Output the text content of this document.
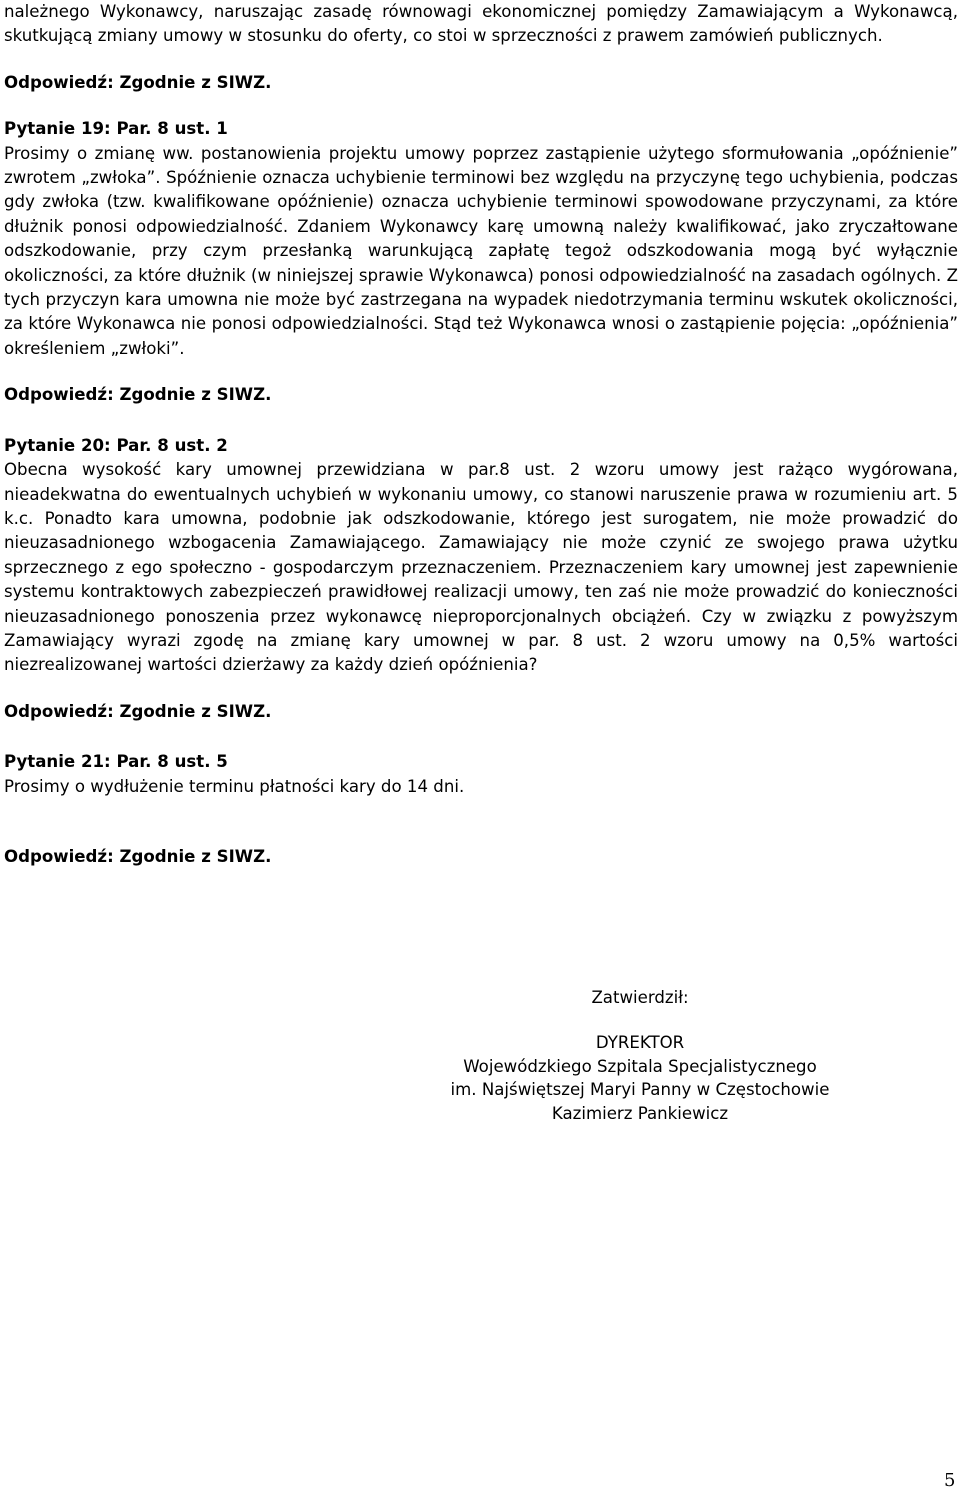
należnego Wykonawcy, naruszając zasadę równowagi ekonomicznej pomiędzy Zamawiającym a Wykonawcą, skutkującą zmiany umowy w stosunku do oferty, co stoi w sprzeczności z prawem zamówień publicznych.

Odpowiedź: Zgodnie z SIWZ.

Pytanie 19: Par. 8 ust. 1

Prosimy o zmianę ww. postanowienia projektu umowy poprzez zastąpienie użytego sformułowania „opóźnienie” zwrotem „zwłoka”. Spóźnienie oznacza uchybienie terminowi bez względu na przyczynę tego uchybienia, podczas gdy zwłoka (tzw. kwalifikowane opóźnienie) oznacza uchybienie terminowi spowodowane przyczynami, za które dłużnik ponosi odpowiedzialność. Zdaniem Wykonawcy karę umowną należy kwalifikować, jako zryczałtowane odszkodowanie, przy czym przesłanką warunkującą zapłatę tegoż odszkodowania mogą być wyłącznie okoliczności, za które dłużnik (w niniejszej sprawie Wykonawca) ponosi odpowiedzialność na zasadach ogólnych. Z tych przyczyn kara umowna nie może być zastrzegana na wypadek niedotrzymania terminu wskutek okoliczności, za które Wykonawca nie ponosi odpowiedzialności. Stąd też Wykonawca wnosi o zastąpienie pojęcia: „opóźnienia” określeniem „zwłoki”.

Odpowiedź: Zgodnie z SIWZ.

Pytanie 20: Par. 8 ust. 2

Obecna wysokość kary umownej przewidziana w par.8 ust. 2 wzoru umowy jest rażąco wygórowana, nieadekwatna do ewentualnych uchybień w wykonaniu umowy, co stanowi naruszenie prawa w rozumieniu art. 5 k.c. Ponadto kara umowna, podobnie jak odszkodowanie, którego jest surogatem, nie może prowadzić do nieuzasadnionego wzbogacenia Zamawiającego. Zamawiający nie może czynić ze swojego prawa użytku sprzecznego z ego społeczno - gospodarczym przeznaczeniem. Przeznaczeniem kary umownej jest zapewnienie systemu kontraktowych zabezpieczeń prawidłowej realizacji umowy, ten zaś nie może prowadzić do konieczności nieuzasadnionego ponoszenia przez wykonawcę nieproporcjonalnych obciążeń. Czy w związku z powyższym Zamawiający wyrazi zgodę na zmianę kary umownej w par. 8 ust. 2 wzoru umowy na 0,5% wartości niezrealizowanej wartości dzierżawy za każdy dzień opóźnienia?

Odpowiedź: Zgodnie z SIWZ.

Pytanie 21: Par. 8 ust. 5

Prosimy o wydłużenie terminu płatności kary do 14 dni.

Odpowiedź: Zgodnie z SIWZ.

Zatwierdził:

DYREKTOR

Wojewódzkiego Szpitala Specjalistycznego

im. Najświętszej Maryi Panny w Częstochowie

Kazimierz Pankiewicz

5
